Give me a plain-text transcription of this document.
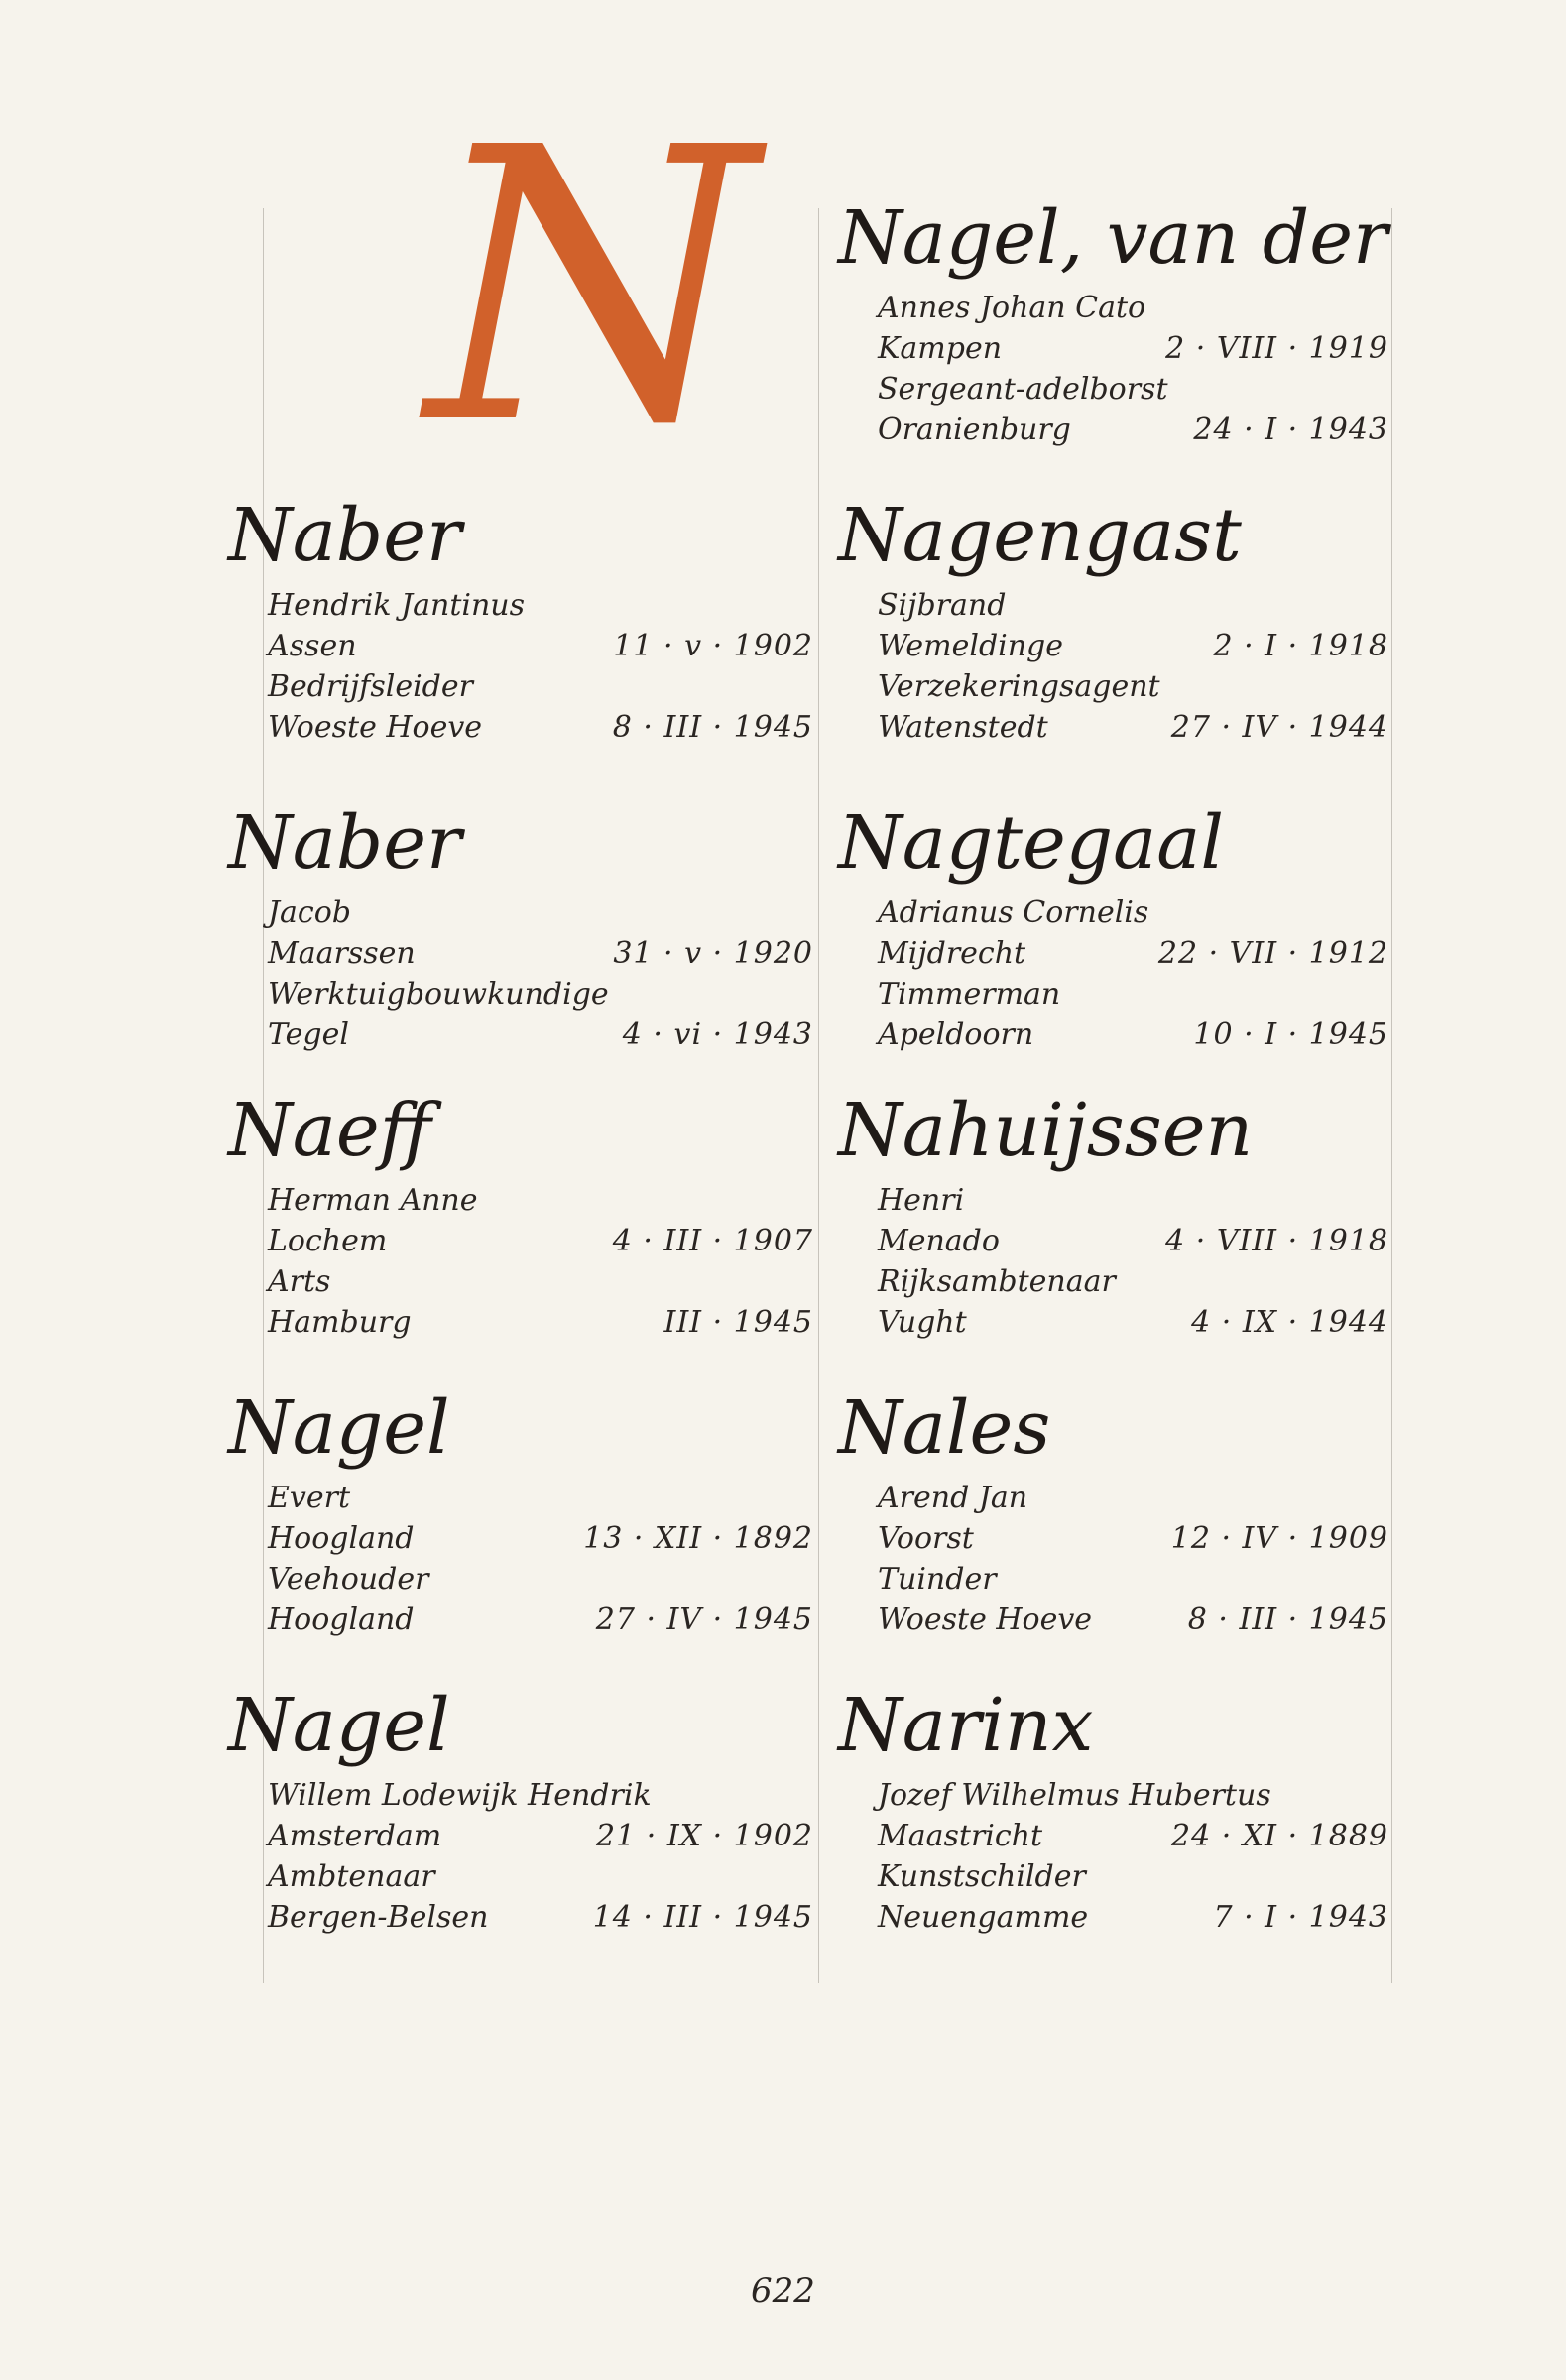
N
Naber
Hendrik Jantinus
Assen	11 · v · 1902
Bedrijfsleider
Woeste Hoeve	8 · III · 1945
Naber
Jacob
Maarssen	31 · v · 1920
Werktuigbouwkundige
Tegel	4 · vi · 1943
Naeff
Herman Anne
Lochem	4 · III · 1907
Arts
Hamburg	III · 1945
Nagel
Evert
Hoogland	13 · XII · 1892
Veehouder
Hoogland	27 · IV · 1945
Nagel
Willem Lodewijk Hendrik
Amsterdam	21 · IX · 1902
Ambtenaar
Bergen-Belsen	14 · III · 1945
Nagel, van der
Annes Johan Cato
Kampen	2 · VIII · 1919
Sergeant-adelborst
Oranienburg	24 · I · 1943
Nagengast
Sijbrand
Wemeldinge	2 · I · 1918
Verzekeringsagent
Watenstedt	27 · IV · 1944
Nagtegaal
Adrianus Cornelis
Mijdrecht	22 · VII · 1912
Timmerman
Apeldoorn	10 · I · 1945
Nahuijssen
Henri
Menado	4 · VIII · 1918
Rijksambtenaar
Vught	4 · IX · 1944
Nales
Arend Jan
Voorst	12 · IV · 1909
Tuinder
Woeste Hoeve	8 · III · 1945
Narinx
Jozef Wilhelmus Hubertus
Maastricht	24 · XI · 1889
Kunstschilder
Neuengamme	7 · I · 1943
622
